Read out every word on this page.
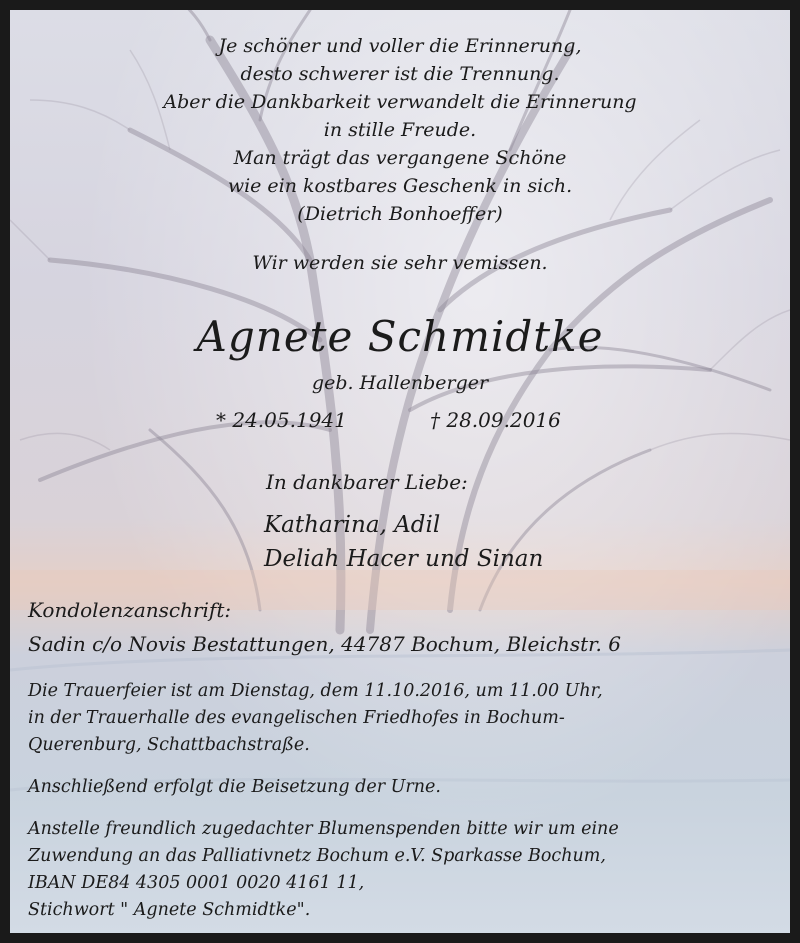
Je schöner und voller die Erinnerung,
desto schwerer ist die Trennung.
Aber die Dankbarkeit verwandelt die Erinnerung
in stille Freude.
Man trägt das vergangene Schöne
wie ein kostbares Geschenk in sich.
(Dietrich Bonhoeffer)
Wir werden sie sehr vemissen.
Agnete Schmidtke
geb. Hallenberger
* 24.05.1941	† 28.09.2016
In dankbarer Liebe:
Katharina, Adil
Deliah Hacer und Sinan
Kondolenzanschrift:
Sadin c/o Novis Bestattungen, 44787 Bochum, Bleichstr. 6
Die Trauerfeier ist am Dienstag, dem 11.10.2016, um 11.00 Uhr,
in der Trauerhalle des evangelischen Friedhofes in Bochum-
Querenburg, Schattbachstraße.
Anschließend erfolgt die Beisetzung der Urne.
Anstelle freundlich zugedachter Blumenspenden bitte wir um eine
Zuwendung an das Palliativnetz Bochum e.V. Sparkasse Bochum,
IBAN DE84 4305 0001 0020 4161 11,
Stichwort " Agnete Schmidtke".
